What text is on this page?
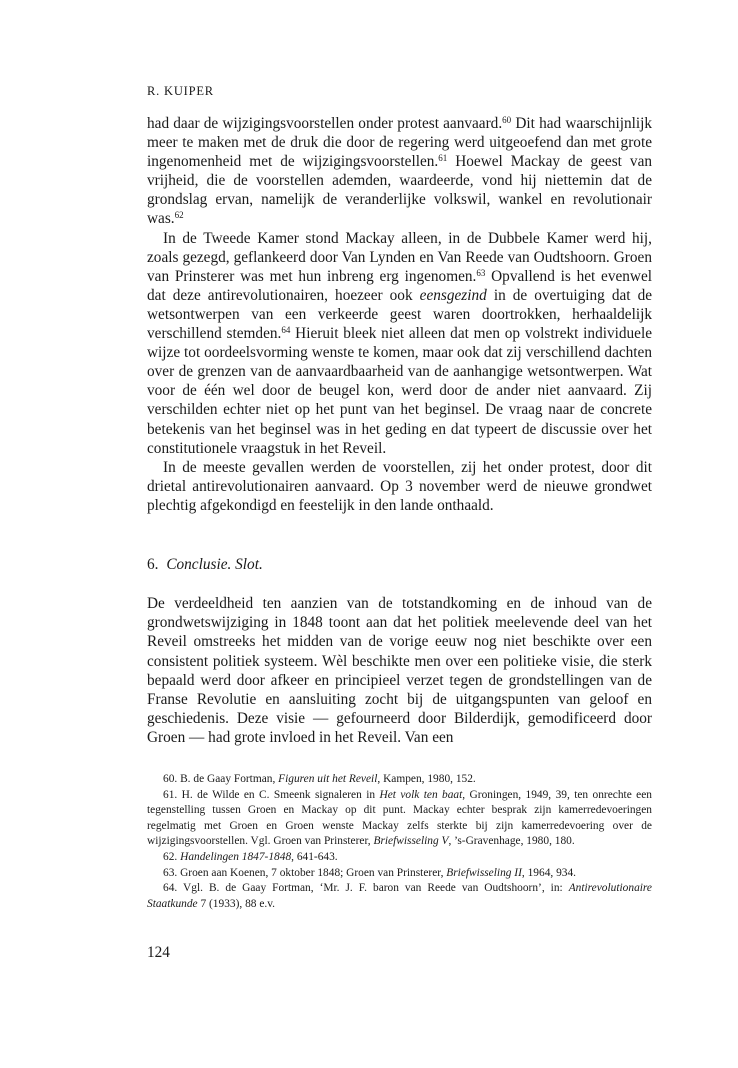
R. KUIPER

had daar de wijzigingsvoorstellen onder protest aanvaard.$^{60}$ Dit had waarschijnlijk meer te maken met de druk die door de regering werd uitgeoefend dan met grote ingenomenheid met de wijzigingsvoorstellen.$^{61}$ Hoewel Mackay de geest van vrijheid, die de voorstellen ademden, waardeerde, vond hij niettemin dat de grondslag ervan, namelijk de veranderlijke volkswil, wankel en revolutionair was.$^{62}$

In de Tweede Kamer stond Mackay alleen, in de Dubbele Kamer werd hij, zoals gezegd, geflankeerd door Van Lynden en Van Reede van Oudtshoorn. Groen van Prinsterer was met hun inbreng erg ingenomen.$^{63}$ Opvallend is het evenwel dat deze antirevolutionairen, hoezeer ook eensgezind in de overtuiging dat de wetsontwerpen van een verkeerde geest waren doortrokken, herhaaldelijk verschillend stemden.$^{64}$ Hieruit bleek niet alleen dat men op volstrekt individuele wijze tot oordeelsvorming wenste te komen, maar ook dat zij verschillend dachten over de grenzen van de aanvaardbaarheid van de aanhangige wetsontwerpen. Wat voor de één wel door de beugel kon, werd door de ander niet aanvaard. Zij verschilden echter niet op het punt van het beginsel. De vraag naar de concrete betekenis van het beginsel was in het geding en dat typeert de discussie over het constitutionele vraagstuk in het Reveil.

In de meeste gevallen werden de voorstellen, zij het onder protest, door dit drietal antirevolutionairen aanvaard. Op 3 november werd de nieuwe grondwet plechtig afgekondigd en feestelijk in den lande onthaald.

6. Conclusie. Slot.

De verdeeldheid ten aanzien van de totstandkoming en de inhoud van de grondwetswijziging in 1848 toont aan dat het politiek meelevende deel van het Reveil omstreeks het midden van de vorige eeuw nog niet beschikte over een consistent politiek systeem. Wèl beschikte men over een politieke visie, die sterk bepaald werd door afkeer en principieel verzet tegen de grondstellingen van de Franse Revolutie en aansluiting zocht bij de uitgangspunten van geloof en geschiedenis. Deze visie — gefourneerd door Bilderdijk, gemodificeerd door Groen — had grote invloed in het Reveil. Van een

60. B. de Gaay Fortman, Figuren uit het Reveil, Kampen, 1980, 152.

61. H. de Wilde en C. Smeenk signaleren in Het volk ten baat, Groningen, 1949, 39, ten onrechte een tegenstelling tussen Groen en Mackay op dit punt. Mackay echter besprak zijn kamerredevoeringen regelmatig met Groen en Groen wenste Mackay zelfs sterkte bij zijn kamerredevoering over de wijzigingsvoorstellen. Vgl. Groen van Prinsterer, Briefwisseling V, ’s-Gravenhage, 1980, 180.

62. Handelingen 1847-1848, 641-643.

63. Groen aan Koenen, 7 oktober 1848; Groen van Prinsterer, Briefwisseling II, 1964, 934.

64. Vgl. B. de Gaay Fortman, ‘Mr. J. F. baron van Reede van Oudtshoorn’, in: Antirevolutionaire Staatkunde 7 (1933), 88 e.v.

124
